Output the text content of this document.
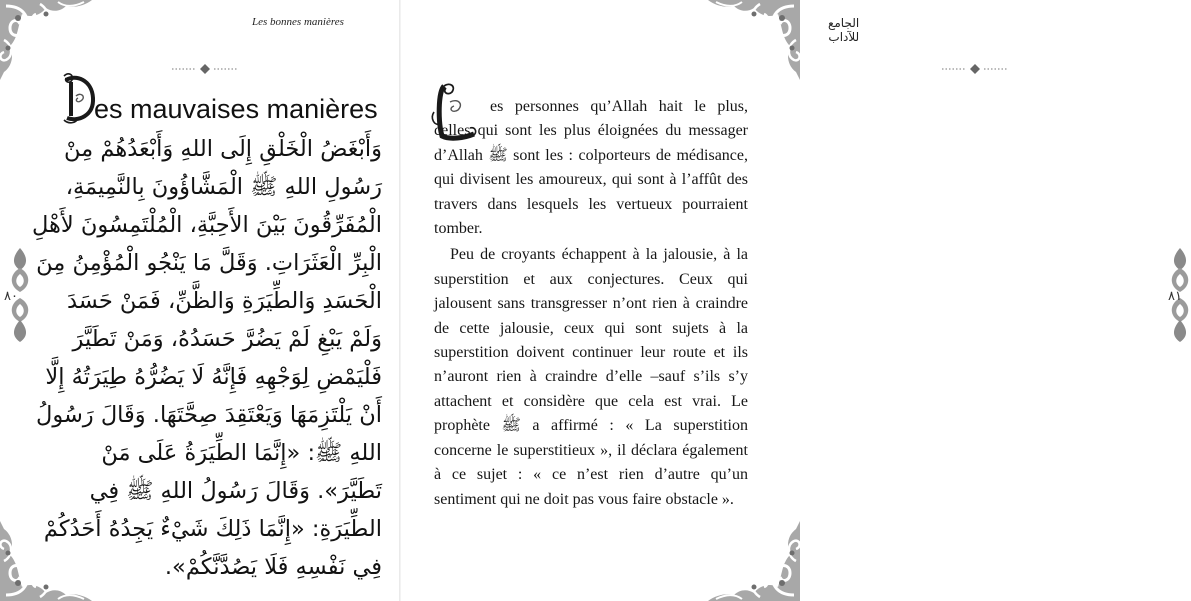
Les bonnes manières
٨٠
D
es mauvaises manières

وَأَبْغَضُ الْخَلْقِ إِلَى اللهِ وَأَبْعَدُهُمْ مِنْ رَسُولِ اللهِ ﷺ الْمَشَّاؤُونَ بِالنَّمِيمَةِ، الْمُفَرِّقُونَ بَيْنَ الأَحِبَّةِ، الْمُلْتَمِسُونَ لأَهْلِ الْبِرِّ الْعَثَرَاتِ. وَقَلَّ مَا يَنْجُو الْمُؤْمِنُ مِنَ الْحَسَدِ وَالطِّيَرَةِ وَالظَّنِّ، فَمَنْ حَسَدَ وَلَمْ يَبْغِ لَمْ يَضُرَّ حَسَدُهُ، وَمَنْ تَطَيَّرَ فَلْيَمْضِ لِوَجْهِهِ فَإِنَّهُ لَا يَضُرُّهُ طِيَرَتُهُ إِلَّا أَنْ يَلْتَزِمَهَا وَيَعْتَقِدَ صِحَّتَهَا. وَقَالَ رَسُولُ اللهِ ﷺ: «إِنَّمَا الطِّيَرَةُ عَلَى مَنْ تَطَيَّرَ». وَقَالَ رَسُولُ اللهِ ﷺ فِي الطِّيَرَةِ: «إِنَّمَا ذَلِكَ شَيْءٌ يَجِدُهُ أَحَدُكُمْ فِي نَفْسِهِ فَلَا يَصُدَّنَّكُمْ».

الجامع للآداب
٨١
L

es personnes qu’Allah hait le plus, celles qui sont les plus éloignées du messager d’Allah ﷺ sont les : colporteurs de médisance, qui divisent les amoureux, qui sont à l’affût des travers dans lesquels les vertueux pourraient tomber.

Peu de croyants échappent à la jalousie, à la superstition et aux conjectures. Ceux qui jalousent sans transgresser n’ont rien à craindre de cette jalousie, ceux qui sont sujets à la superstition doivent continuer leur route et ils n’auront rien à craindre d’elle –sauf s’ils s’y attachent et considère que cela est vrai. Le prophète ﷺ a affirmé : « La superstition concerne le superstitieux », il déclara également à ce sujet : « ce n’est rien d’autre qu’un sentiment qui ne doit pas vous faire obstacle ».
